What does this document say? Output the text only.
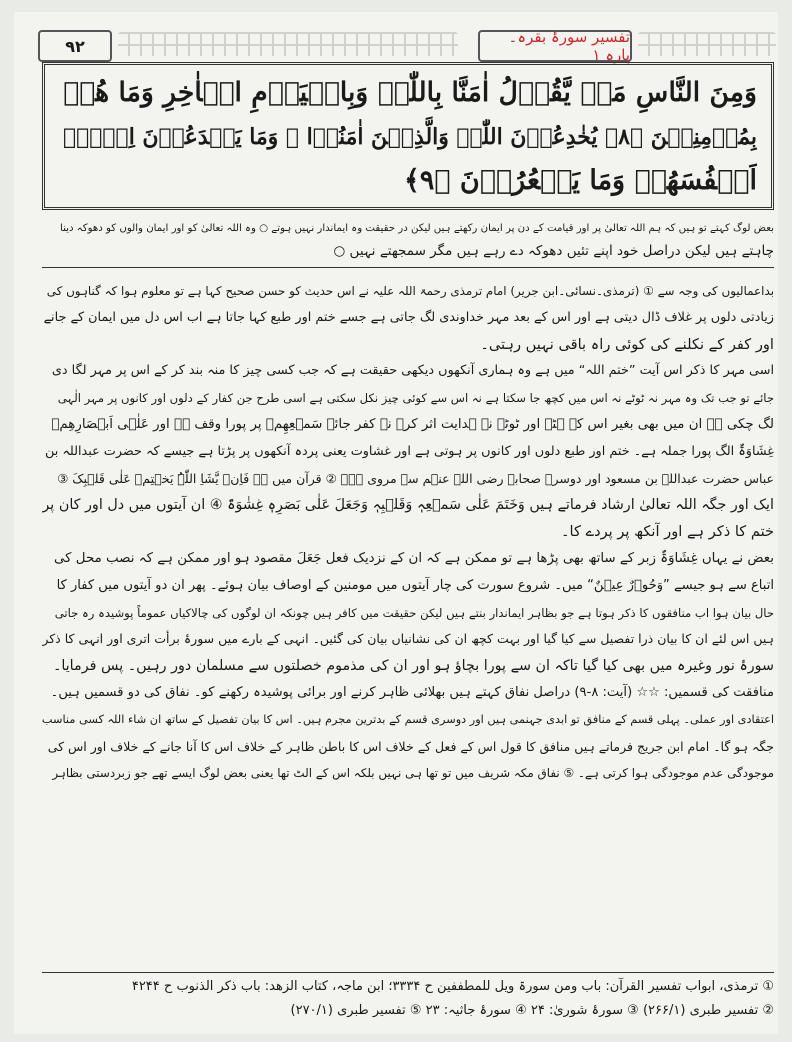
٩٢	تفسیر سورۂ بقرہ۔ پارہ ۱
وَمِنَ النَّاسِ مَنۡ یَّقُوۡلُ اٰمَنَّا بِاللّٰہِ وَبِالۡیَوۡمِ الۡاٰخِرِ وَمَا ھُمۡ
بِمُؤۡمِنِیۡنَ ﴿۸﴾ یُخٰدِعُوۡنَ اللّٰہَ وَالَّذِیۡنَ اٰمَنُوۡا ۚ وَمَا یَخۡدَعُوۡنَ اِلَّاۤ
اَنۡفُسَھُمۡ وَمَا یَشۡعُرُوۡنَ ﴿۹﴾

بعض لوگ کہتے تو ہیں کہ ہم اللہ تعالیٰ پر اور قیامت کے دن پر ایمان رکھتے ہیں لیکن در حقیقت وہ ایماندار نہیں ہوتے ○ وہ اللہ تعالیٰ کو اور ایمان والوں کو دھوکہ دینا

چاہتے ہیں لیکن دراصل خود اپنے تئیں دھوکہ دے رہے ہیں مگر سمجھتے نہیں ○

بداعمالیوں کی وجہ سے ① (ترمذی۔نسائی۔ابن جریر) امام ترمذی رحمۃ اللہ علیہ نے اس حدیث کو حسن صحیح کہا ہے تو معلوم ہوا کہ گناہوں کی

زیادتی دلوں پر غلاف ڈال دیتی ہے اور اس کے بعد مہر خداوندی لگ جاتی ہے جسے ختم اور طبع کہا جاتا ہے اب اس دل میں ایمان کے جانے

اور کفر کے نکلنے کی کوئی راہ باقی نہیں رہتی۔

اسی مہر کا ذکر اس آیت ”ختم اللہ“ میں ہے وہ ہماری آنکھوں دیکھی حقیقت ہے کہ جب کسی چیز کا منہ بند کر کے اس پر مہر لگا دی

جائے تو جب تک وہ مہر نہ ٹوٹے نہ اس میں کچھ جا سکتا ہے نہ اس سے کوئی چیز نکل سکتی ہے اسی طرح جن کفار کے دلوں اور کانوں پر مہر الٰہی

لگ چکی ہے ان میں بھی بغیر اس کے ہٹے اور ٹوٹے نہ ہدایت اثر کرے نہ کفر جائے سَمۡعِھِمۡ پر پورا وقف ہے اور عَلٰۤی اَبۡصَارِھِمۡ

غِشَاوَۃٌ الگ پورا جملہ ہے۔ ختم اور طبع دلوں اور کانوں پر ہوتی ہے اور غشاوت یعنی پردہ آنکھوں پر پڑتا ہے جیسے کہ حضرت عبداللہ بن

عباس حضرت عبداللہ بن مسعود اور دوسرے صحابہ رضی اللہ عنہم سے مروی ہے۔ ② قرآن میں ہے فَاِنۡ یَّشَاِ اللّٰہُ یَخۡتِمۡ عَلٰی قَلۡبِکَ ③

ایک اور جگہ اللہ تعالیٰ ارشاد فرماتے ہیں وَخَتَمَ عَلٰی سَمۡعِہٖ وَقَلۡبِہٖ وَجَعَلَ عَلٰی بَصَرِہٖ غِشٰوَۃً ④ ان آیتوں میں دل اور کان پر

ختم کا ذکر ہے اور آنکھ پر پردے کا۔

بعض نے یہاں غِشَاوَۃٌ زبر کے ساتھ بھی پڑھا ہے تو ممکن ہے کہ ان کے نزدیک فعل جَعَلَ مقصود ہو اور ممکن ہے کہ نصب محل کی

اتباع سے ہو جیسے ”وَحُوۡرٌ عِیۡنٌ“ میں۔ شروع سورت کی چار آیتوں میں مومنین کے اوصاف بیان ہوئے۔ پھر ان دو آیتوں میں کفار کا

حال بیان ہوا اب منافقوں کا ذکر ہوتا ہے جو بظاہر ایماندار بنتے ہیں لیکن حقیقت میں کافر ہیں چونکہ ان لوگوں کی چالاکیاں عموماً پوشیدہ رہ جاتی

ہیں اس لئے ان کا بیان ذرا تفصیل سے کیا گیا اور بہت کچھ ان کی نشانیاں بیان کی گئیں۔ انہی کے بارے میں سورۂ برأت اتری اور انہی کا ذکر

سورۂ نور وغیرہ میں بھی کیا گیا تاکہ ان سے پورا بچاؤ ہو اور ان کی مذموم خصلتوں سے مسلمان دور رہیں۔ پس فرمایا۔

منافقت کی قسمیں: ☆☆ (آیت: ۸-۹) دراصل نفاق کہتے ہیں بھلائی ظاہر کرنے اور برائی پوشیدہ رکھنے کو۔ نفاق کی دو قسمیں ہیں۔

اعتقادی اور عملی۔ پہلی قسم کے منافق تو ابدی جہنمی ہیں اور دوسری قسم کے بدترین مجرم ہیں۔ اس کا بیان تفصیل کے ساتھ ان شاء اللہ کسی مناسب

جگہ ہو گا۔ امام ابن جریج فرماتے ہیں منافق کا قول اس کے فعل کے خلاف اس کا باطن ظاہر کے خلاف اس کا آنا جانے کے خلاف اور اس کی

موجودگی عدم موجودگی ہوا کرتی ہے۔ ⑤ نفاق مکہ شریف میں تو تھا ہی نہیں بلکہ اس کے الٹ تھا یعنی بعض لوگ ایسے تھے جو زبردستی بظاہر

① ترمذی، ابواب تفسیر القرآن: باب ومن سورۃ ویل للمطففین ح ۳۳۳۴؛ ابن ماجہ، کتاب الزھد: باب ذکر الذنوب ح ۴۲۴۴

② تفسیر طبری (۲۶۶/۱) ③ سورۂ شوریٰ: ۲۴ ④ سورۂ جاثیہ: ۲۳ ⑤ تفسیر طبری (۲۷۰/۱)
